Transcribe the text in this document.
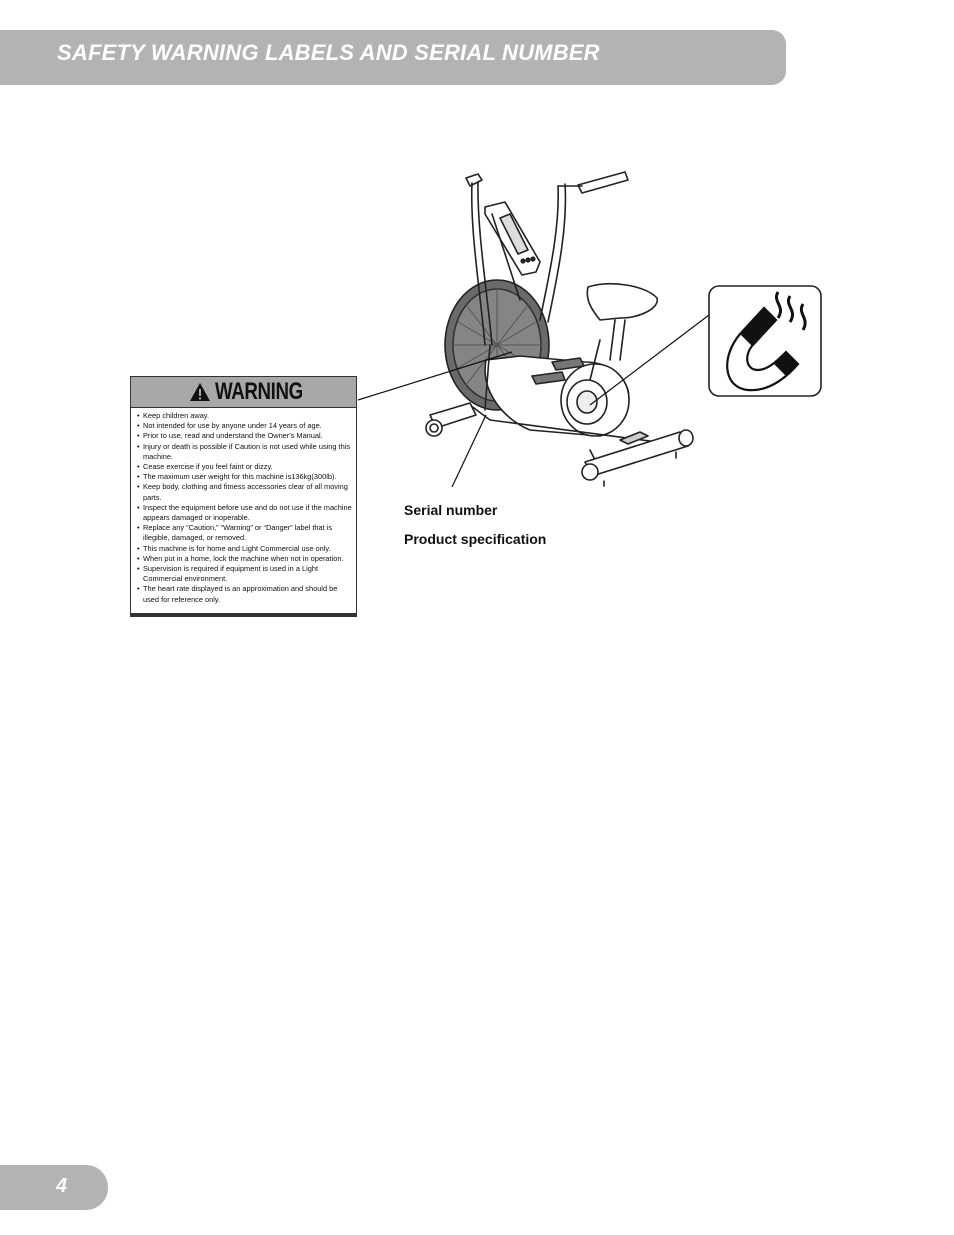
SAFETY WARNING LABELS AND SERIAL NUMBER
WARNING
• Keep children away.
• Not intended for use by anyone under 14 years of age.
• Prior to use, read and understand the Owner's Manual.
• Injury or death is possible if Caution is not used while using this machine.
• Cease exercise if you feel faint or dizzy.
• The maximum user weight for this machine is136kg(300lb).
• Keep body, clothing and fitness accessories clear of all moving parts.
• Inspect the equipment before use and do not use if the machine appears damaged or inoperable.
• Replace any “Caution,” “Warning” or “Danger” label that is illegible, damaged, or removed.
• This machine is for home and Light Commercial use only.
• When put in a home, lock the machine when not in operation.
• Supervision is required if equipment is used in a Light Commercial environment.
• The heart rate displayed is an approximation and should be used for reference only.
Serial number
Product specification
4
